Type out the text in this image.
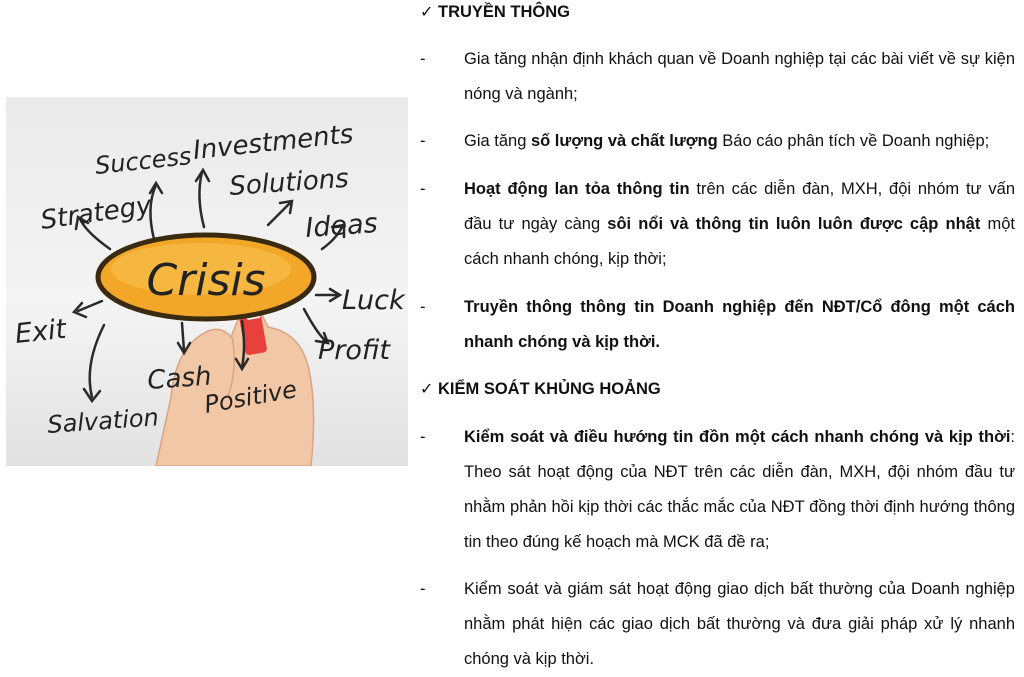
Crisis
Success
Investments
Solutions
Strategy	Ideas
Luck
Exit
Profit
Cash
Positive
Salvation
✓ TRUYỀN THÔNG
-	Gia tăng nhận định khách quan về Doanh nghiệp tại các bài viết về sự kiện nóng và ngành;
-	Gia tăng số lượng và chất lượng Báo cáo phân tích về Doanh nghiệp;
-	Hoạt động lan tỏa thông tin trên các diễn đàn, MXH, đội nhóm tư vấn đầu tư ngày càng sôi nổi và thông tin luôn luôn được cập nhật một cách nhanh chóng, kịp thời;
-	Truyền thông thông tin Doanh nghiệp đến NĐT/Cổ đông một cách nhanh chóng và kịp thời.
✓ KIỂM SOÁT KHỦNG HOẢNG
-	Kiểm soát và điều hướng tin đồn một cách nhanh chóng và kịp thời: Theo sát hoạt động của NĐT trên các diễn đàn, MXH, đội nhóm đầu tư nhằm phản hồi kịp thời các thắc mắc của NĐT đồng thời định hướng thông tin theo đúng kế hoạch mà MCK đã đề ra;
-	Kiểm soát và giám sát hoạt động giao dịch bất thường của Doanh nghiệp nhằm phát hiện các giao dịch bất thường và đưa giải pháp xử lý nhanh chóng và kịp thời.
